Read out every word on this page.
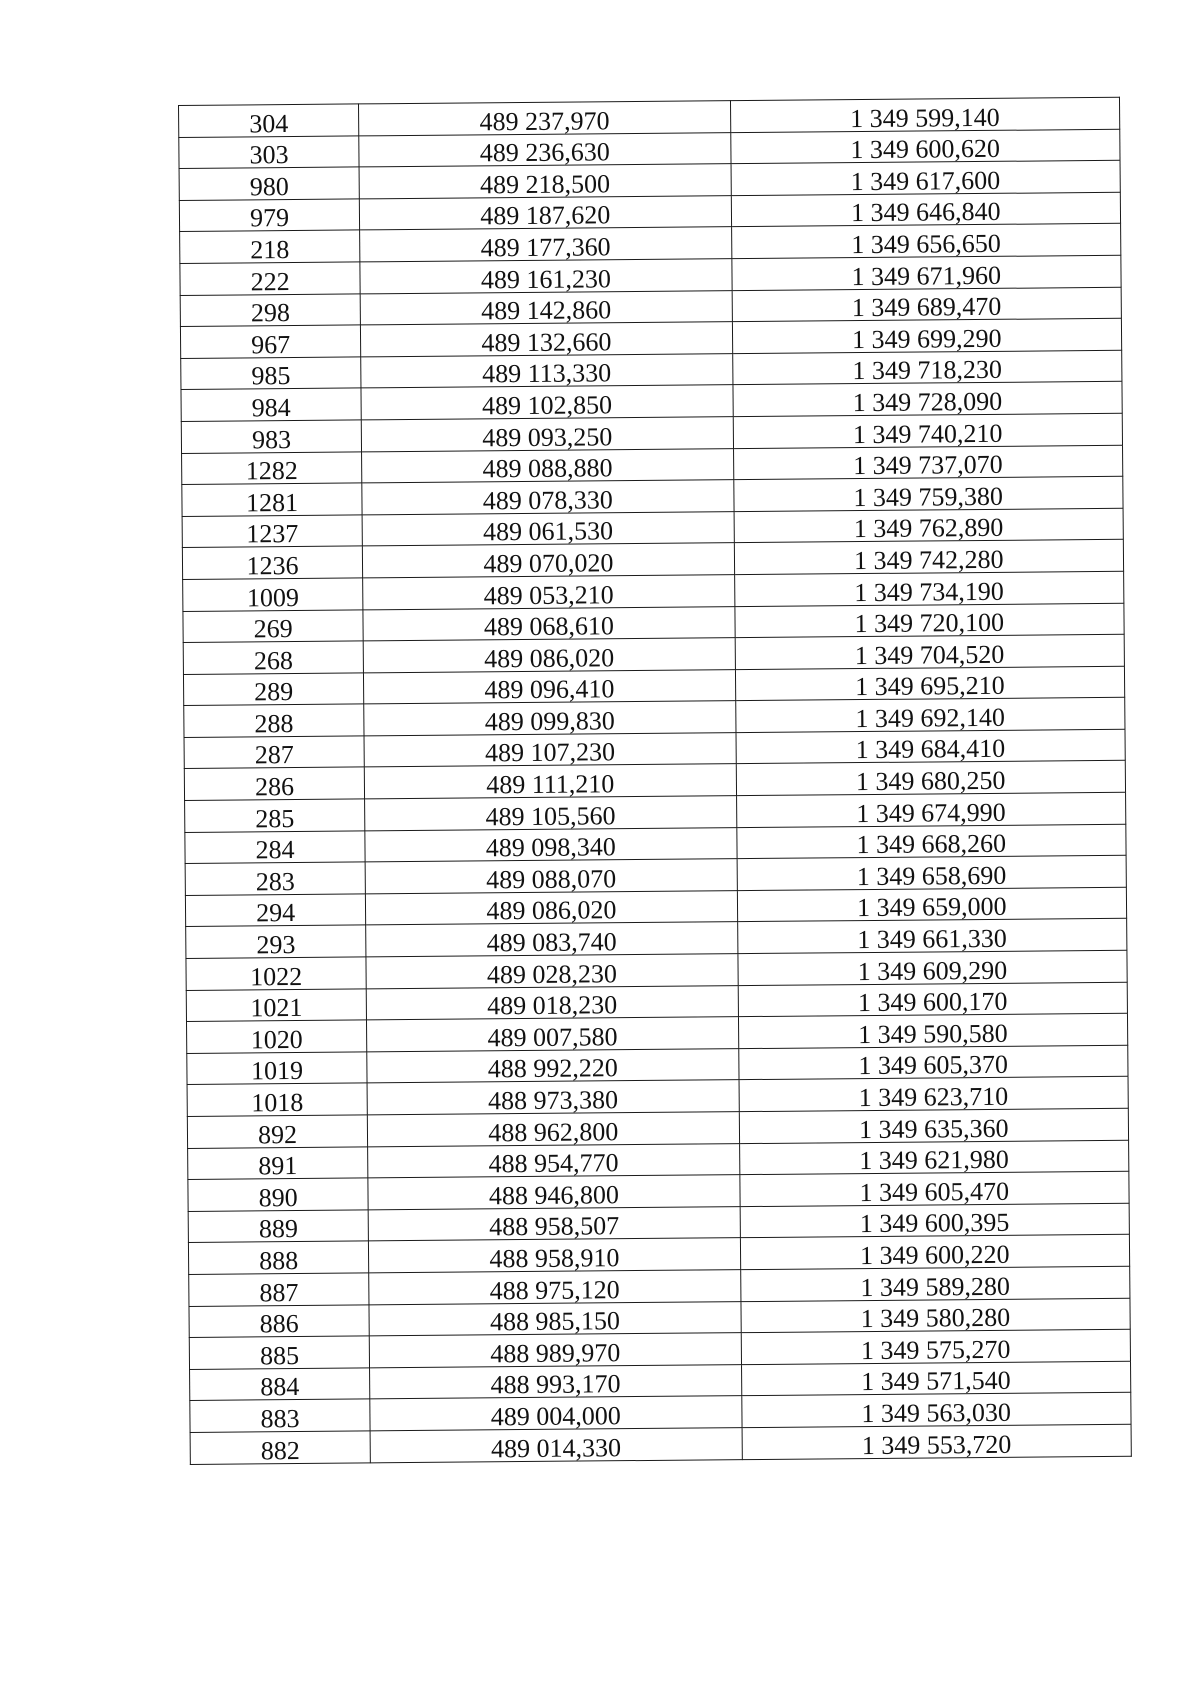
304	489 237,970	1 349 599,140
303	489 236,630	1 349 600,620
980	489 218,500	1 349 617,600
979	489 187,620	1 349 646,840
218	489 177,360	1 349 656,650
222	489 161,230	1 349 671,960
298	489 142,860	1 349 689,470
967	489 132,660	1 349 699,290
985	489 113,330	1 349 718,230
984	489 102,850	1 349 728,090
983	489 093,250	1 349 740,210
1282	489 088,880	1 349 737,070
1281	489 078,330	1 349 759,380
1237	489 061,530	1 349 762,890
1236	489 070,020	1 349 742,280
1009	489 053,210	1 349 734,190
269	489 068,610	1 349 720,100
268	489 086,020	1 349 704,520
289	489 096,410	1 349 695,210
288	489 099,830	1 349 692,140
287	489 107,230	1 349 684,410
286	489 111,210	1 349 680,250
285	489 105,560	1 349 674,990
284	489 098,340	1 349 668,260
283	489 088,070	1 349 658,690
294	489 086,020	1 349 659,000
293	489 083,740	1 349 661,330
1022	489 028,230	1 349 609,290
1021	489 018,230	1 349 600,170
1020	489 007,580	1 349 590,580
1019	488 992,220	1 349 605,370
1018	488 973,380	1 349 623,710
892	488 962,800	1 349 635,360
891	488 954,770	1 349 621,980
890	488 946,800	1 349 605,470
889	488 958,507	1 349 600,395
888	488 958,910	1 349 600,220
887	488 975,120	1 349 589,280
886	488 985,150	1 349 580,280
885	488 989,970	1 349 575,270
884	488 993,170	1 349 571,540
883	489 004,000	1 349 563,030
882	489 014,330	1 349 553,720
